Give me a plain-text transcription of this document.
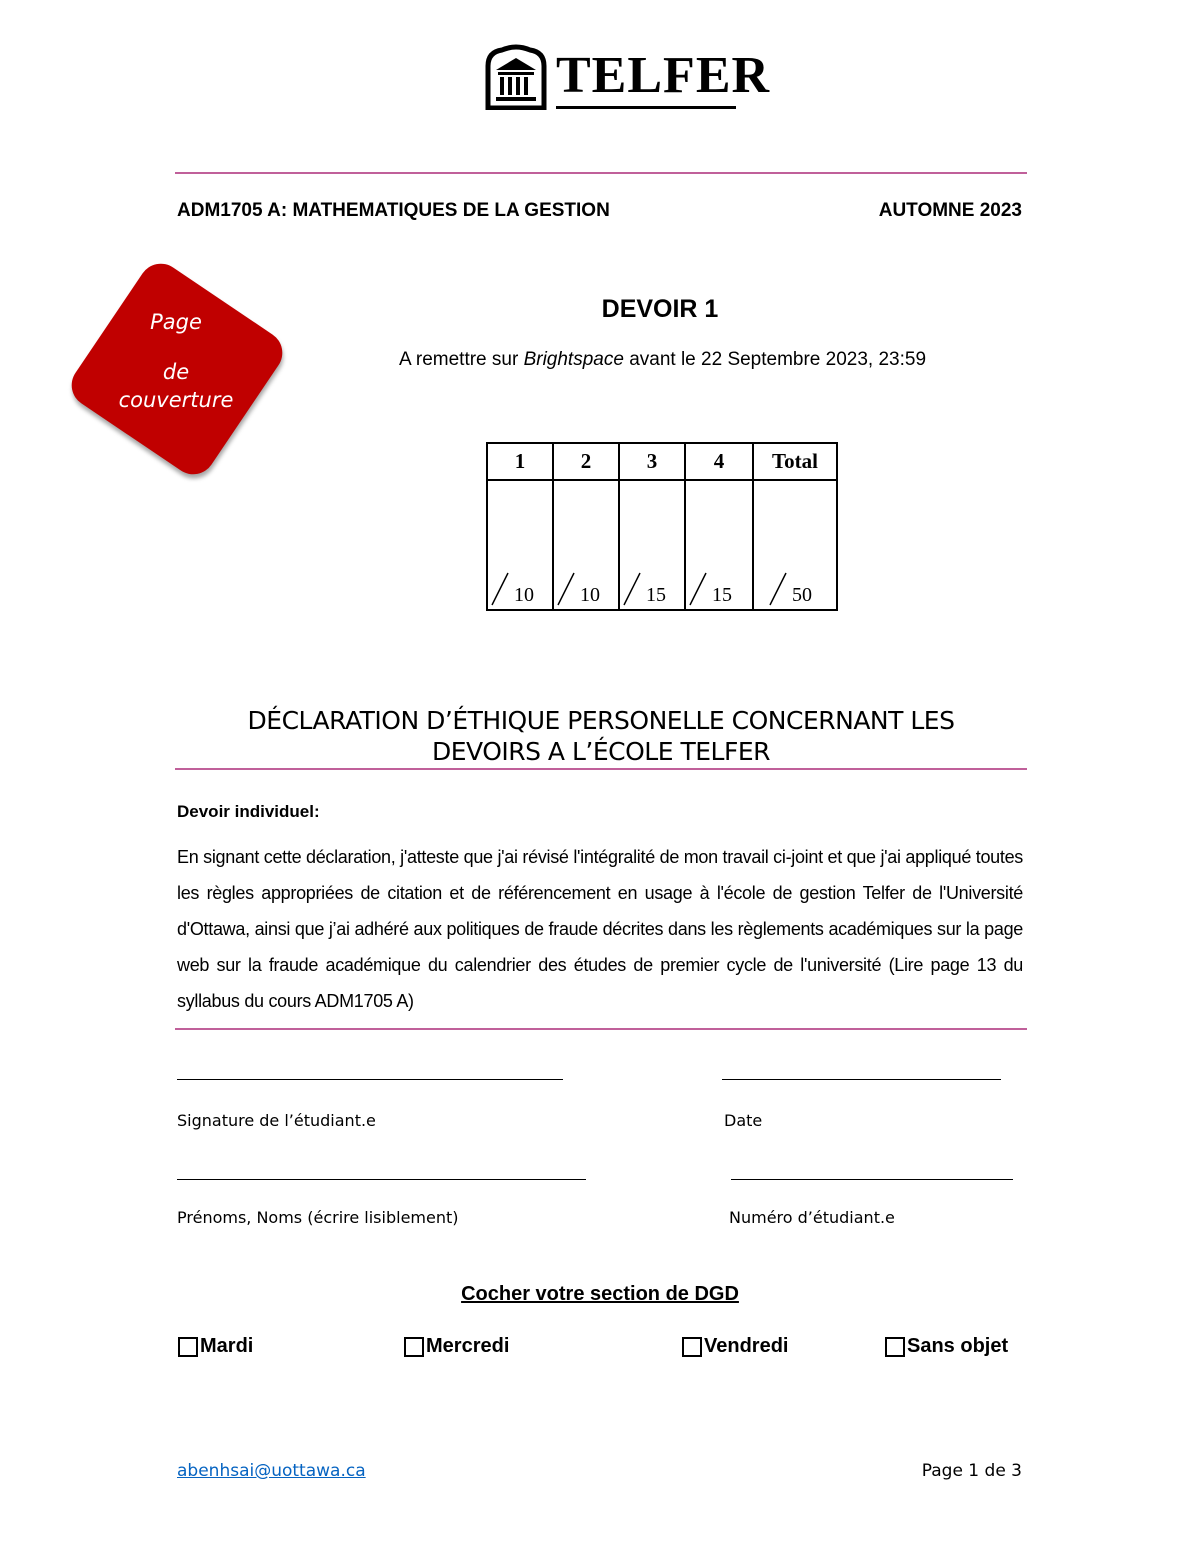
TELFER
ADM1705 A: MATHEMATIQUES DE LA GESTION	AUTOMNE 2023
Page
de
couverture
DEVOIR 1
A remettre sur Brightspace avant le 22 Septembre 2023, 23:59
1	2	3	4	Total

10	10	15	15	50
DÉCLARATION D’ÉTHIQUE PERSONELLE CONCERNANT LES
DEVOIRS A L’ÉCOLE TELFER
Devoir individuel:
En signant cette déclaration, j'atteste que j'ai révisé l'intégralité de mon travail ci-joint et que j'ai appliqué toutes les règles appropriées de citation et de référencement en usage à l'école de gestion Telfer de l'Université d'Ottawa, ainsi que j’ai adhéré aux politiques de fraude décrites dans les règlements académiques sur la page web sur la fraude académique du calendrier des études de premier cycle de l'université (Lire page 13 du syllabus du cours ADM1705 A)
Signature de l’étudiant.e	Date
Prénoms, Noms (écrire lisiblement)	Numéro d’étudiant.e
Cocher votre section de DGD
Mardi	Mercredi	Vendredi	Sans objet
abenhsai@uottawa.ca	Page 1 de 3
